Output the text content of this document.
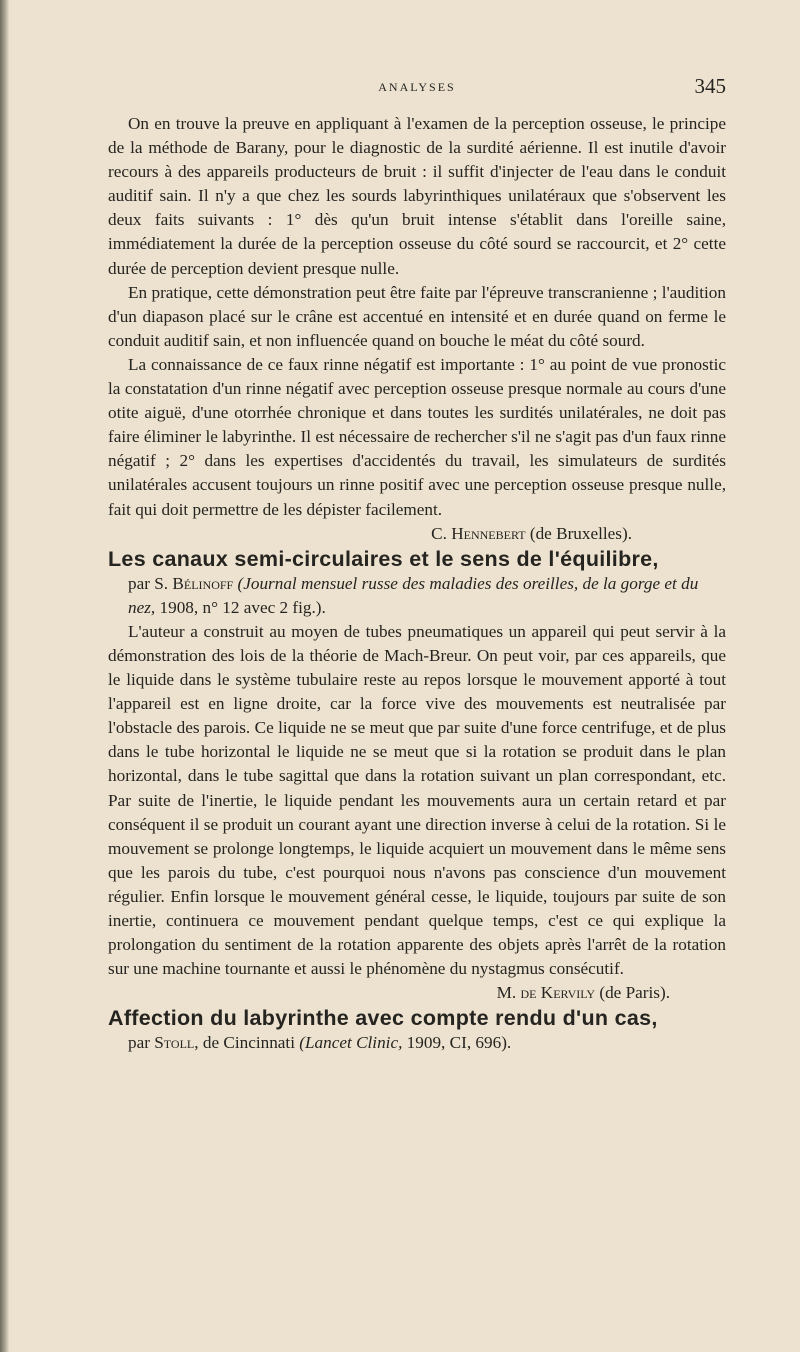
ANALYSES	345

On en trouve la preuve en appliquant à l'examen de la perception osseuse, le principe de la méthode de Barany, pour le diagnostic de la surdité aérienne. Il est inutile d'avoir recours à des appareils producteurs de bruit : il suffit d'injecter de l'eau dans le conduit auditif sain. Il n'y a que chez les sourds labyrinthiques unilatéraux que s'observent les deux faits suivants : 1° dès qu'un bruit intense s'établit dans l'oreille saine, immédiatement la durée de la perception osseuse du côté sourd se raccourcit, et 2° cette durée de perception devient presque nulle.

En pratique, cette démonstration peut être faite par l'épreuve transcranienne ; l'audition d'un diapason placé sur le crâne est accentué en intensité et en durée quand on ferme le conduit auditif sain, et non influencée quand on bouche le méat du côté sourd.

La connaissance de ce faux rinne négatif est importante : 1° au point de vue pronostic la constatation d'un rinne négatif avec perception osseuse presque normale au cours d'une otite aiguë, d'une otorrhée chronique et dans toutes les surdités unilatérales, ne doit pas faire éliminer le labyrinthe. Il est nécessaire de rechercher s'il ne s'agit pas d'un faux rinne négatif ; 2° dans les expertises d'accidentés du travail, les simulateurs de surdités unilatérales accusent toujours un rinne positif avec une perception osseuse presque nulle, fait qui doit permettre de les dépister facilement.

C. Hennebert (de Bruxelles).
Les canaux semi-circulaires et le sens de l'équilibre,
par S. Bélinoff (Journal mensuel russe des maladies des oreilles, de la gorge et du nez, 1908, n° 12 avec 2 fig.).

L'auteur a construit au moyen de tubes pneumatiques un appareil qui peut servir à la démonstration des lois de la théorie de Mach-Breur. On peut voir, par ces appareils, que le liquide dans le système tubulaire reste au repos lorsque le mouvement apporté à tout l'appareil est en ligne droite, car la force vive des mouvements est neutralisée par l'obstacle des parois. Ce liquide ne se meut que par suite d'une force centrifuge, et de plus dans le tube horizontal le liquide ne se meut que si la rotation se produit dans le plan horizontal, dans le tube sagittal que dans la rotation suivant un plan correspondant, etc. Par suite de l'inertie, le liquide pendant les mouvements aura un certain retard et par conséquent il se produit un courant ayant une direction inverse à celui de la rotation. Si le mouvement se prolonge longtemps, le liquide acquiert un mouvement dans le même sens que les parois du tube, c'est pourquoi nous n'avons pas conscience d'un mouvement régulier. Enfin lorsque le mouvement général cesse, le liquide, toujours par suite de son inertie, continuera ce mouvement pendant quelque temps, c'est ce qui explique la prolongation du sentiment de la rotation apparente des objets après l'arrêt de la rotation sur une machine tournante et aussi le phénomène du nystagmus consécutif.

M. de Kervily (de Paris).
Affection du labyrinthe avec compte rendu d'un cas,
par Stoll, de Cincinnati (Lancet Clinic, 1909, CI, 696).
